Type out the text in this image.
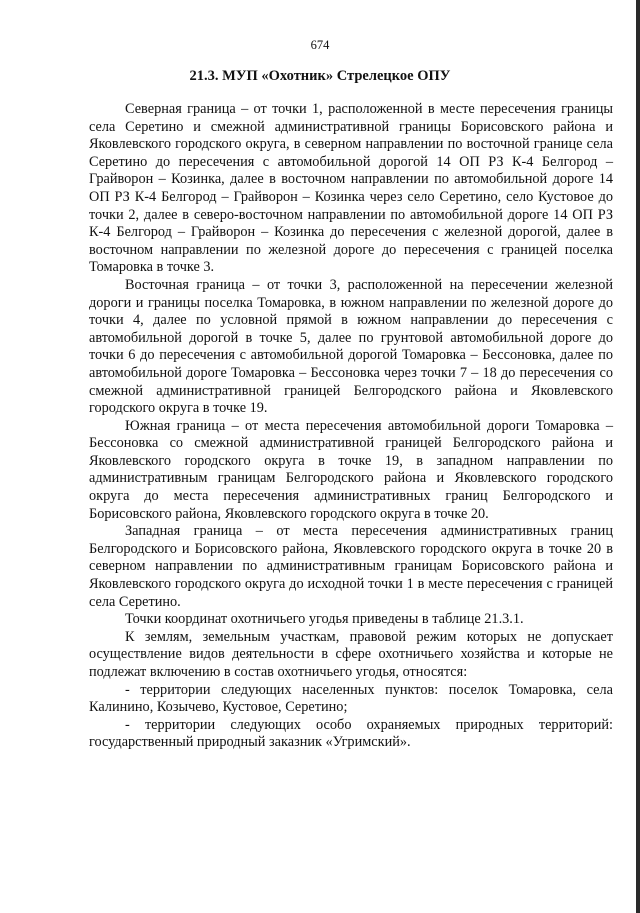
674
21.3. МУП «Охотник» Стрелецкое ОПУ

Северная граница – от точки 1, расположенной в месте пересечения границы села Серетино и смежной административной границы Борисовского района и Яковлевского городского округа, в северном направлении по восточной границе села Серетино до пересечения с автомобильной дорогой 14 ОП РЗ К-4 Белгород – Грайворон – Козинка, далее в восточном направлении по автомобильной дороге 14 ОП РЗ К-4 Белгород – Грайворон – Козинка через село Серетино, село Кустовое до точки 2, далее в северо-восточном направлении по автомобильной дороге 14 ОП РЗ К-4 Белгород – Грайворон – Козинка до пересечения с железной дорогой, далее в восточном направлении по железной дороге до пересечения с границей поселка Томаровка в точке 3.

Восточная граница – от точки 3, расположенной на пересечении железной дороги и границы поселка Томаровка, в южном направлении по железной дороге до точки 4, далее по условной прямой в южном направлении до пересечения с автомобильной дорогой в точке 5, далее по грунтовой автомобильной дороге до точки 6 до пересечения с автомобильной дорогой Томаровка – Бессоновка, далее по автомобильной дороге Томаровка – Бессоновка через точки 7 – 18 до пересечения со смежной административной границей Белгородского района и Яковлевского городского округа в точке 19.

Южная граница – от места пересечения автомобильной дороги Томаровка – Бессоновка со смежной административной границей Белгородского района и Яковлевского городского округа в точке 19, в западном направлении по административным границам Белгородского района и Яковлевского городского округа до места пересечения административных границ Белгородского и Борисовского района, Яковлевского городского округа в точке 20.

Западная граница – от места пересечения административных границ Белгородского и Борисовского района, Яковлевского городского округа в точке 20 в северном направлении по административным границам Борисовского района и Яковлевского городского округа до исходной точки 1 в месте пересечения с границей села Серетино.

Точки координат охотничьего угодья приведены в таблице 21.3.1.

К землям, земельным участкам, правовой режим которых не допускает осуществление видов деятельности в сфере охотничьего хозяйства и которые не подлежат включению в состав охотничьего угодья, относятся:

- территории следующих населенных пунктов: поселок Томаровка, села Калинино, Козычево, Кустовое, Серетино;

- территории следующих особо охраняемых природных территорий: государственный природный заказник «Угримский».
